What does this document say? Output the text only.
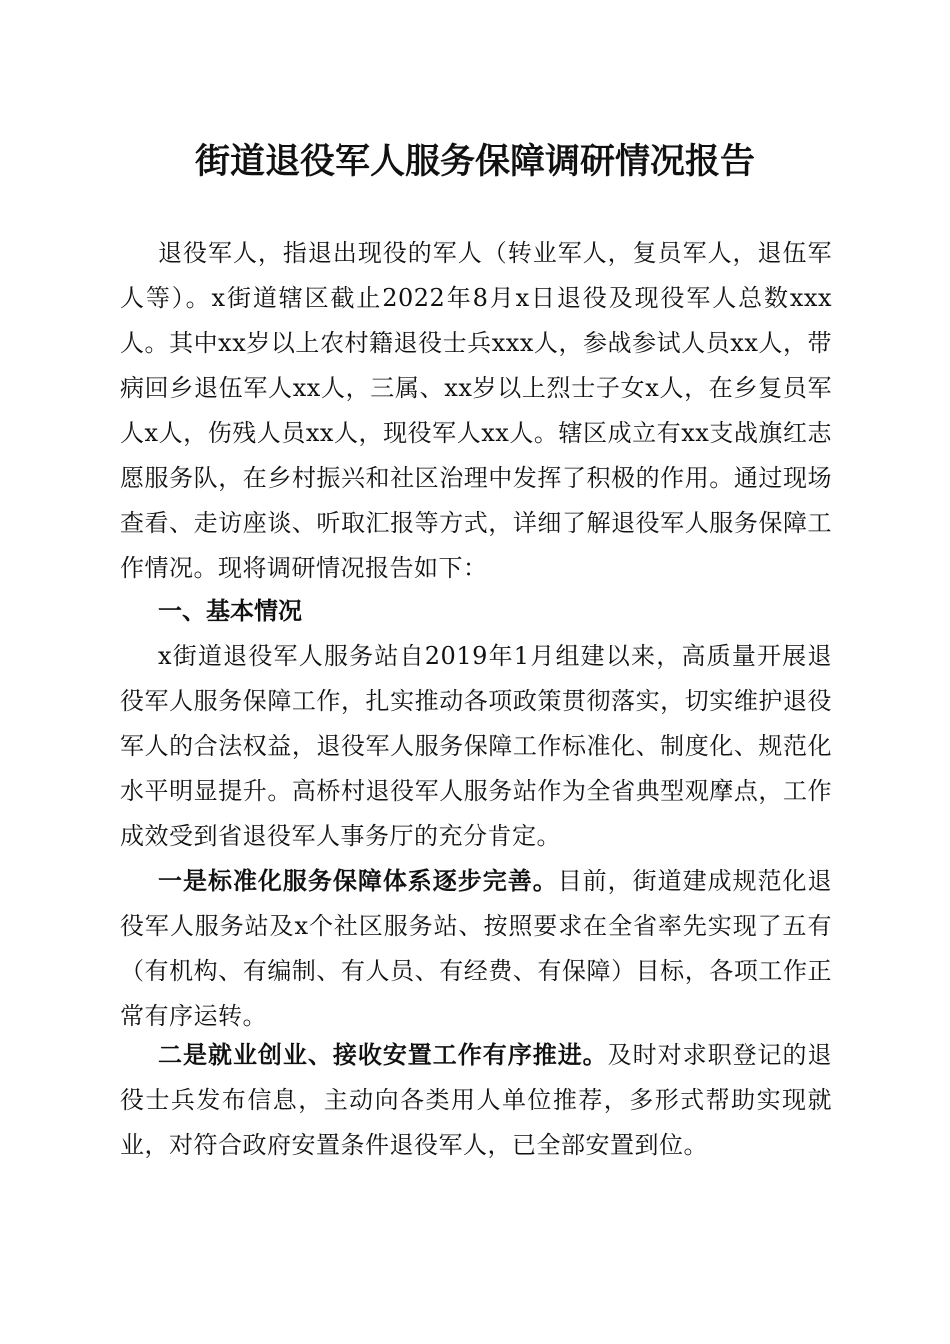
街道退役军人服务保障调研情况报告

退役军人，指退出现役的军人（转业军人，复员军人，退伍军人等）。x街道辖区截止2022年8月x日退役及现役军人总数xxx人。其中xx岁以上农村籍退役士兵xxx人，参战参试人员xx人，带病回乡退伍军人xx人，三属、xx岁以上烈士子女x人，在乡复员军人x人，伤残人员xx人，现役军人xx人。辖区成立有xx支战旗红志愿服务队，在乡村振兴和社区治理中发挥了积极的作用。通过现场查看、走访座谈、听取汇报等方式，详细了解退役军人服务保障工作情况。现将调研情况报告如下：

一、基本情况

x街道退役军人服务站自2019年1月组建以来，高质量开展退役军人服务保障工作，扎实推动各项政策贯彻落实，切实维护退役军人的合法权益，退役军人服务保障工作标准化、制度化、规范化水平明显提升。高桥村退役军人服务站作为全省典型观摩点，工作成效受到省退役军人事务厅的充分肯定。

一是标准化服务保障体系逐步完善。目前，街道建成规范化退役军人服务站及x个社区服务站、按照要求在全省率先实现了五有（有机构、有编制、有人员、有经费、有保障）目标，各项工作正常有序运转。

二是就业创业、接收安置工作有序推进。及时对求职登记的退役士兵发布信息，主动向各类用人单位推荐，多形式帮助实现就业，对符合政府安置条件退役军人，已全部安置到位。
